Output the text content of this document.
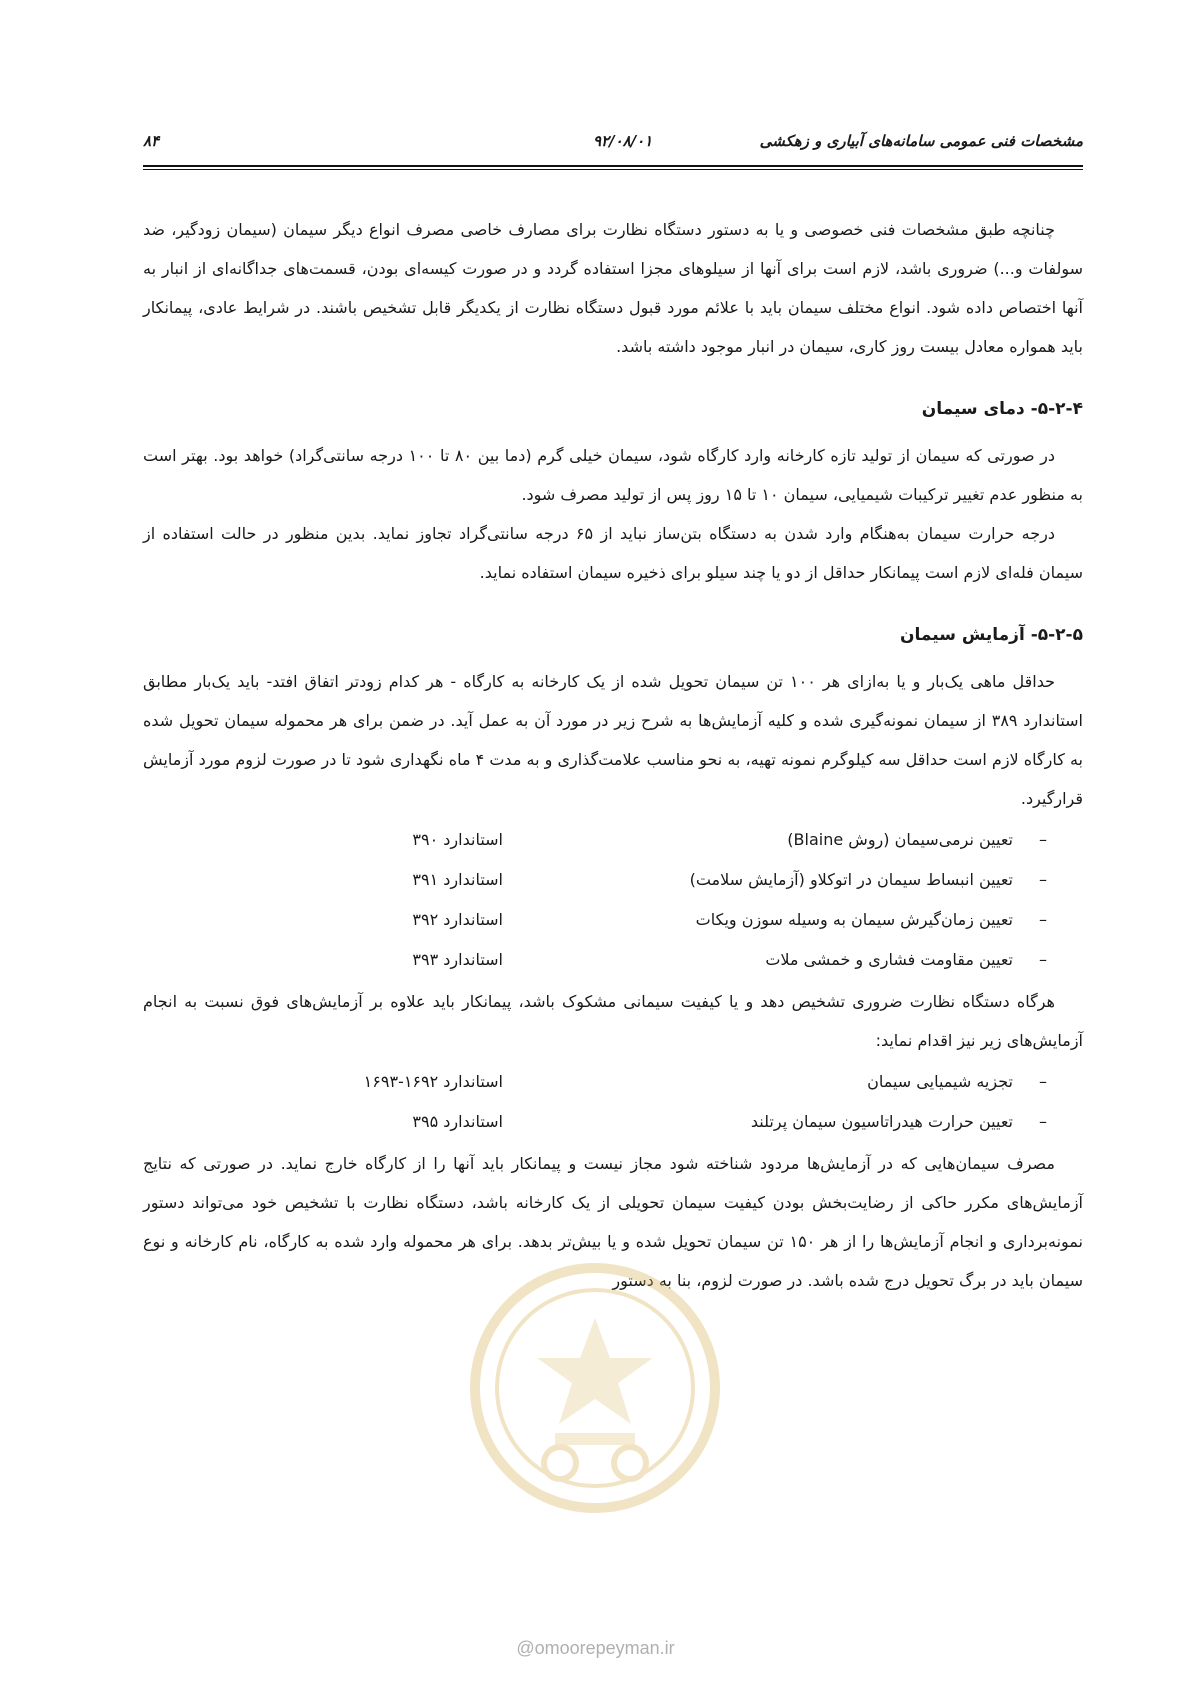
مشخصات فنی عمومی سامانه‌های آبیاری و زهکشی
۹۲/۰۸/۰۱
۸۴

چنانچه طبق مشخصات فنی خصوصی و یا به دستور دستگاه نظارت برای مصارف خاصی مصرف انواع دیگر سیمان (سیمان زودگیر، ضد سولفات و...) ضروری باشد، لازم است برای آنها از سیلوهای مجزا استفاده گردد و در صورت کیسه‌ای بودن، قسمت‌های جداگانه‌ای از انبار به آنها اختصاص داده شود. انواع مختلف سیمان باید با علائم مورد قبول دستگاه نظارت از یکدیگر قابل تشخیص باشند. در شرایط عادی، پیمانکار باید همواره معادل بیست روز کاری، سیمان در انبار موجود داشته باشد.

۵-۲-۴- دمای سیمان

در صورتی که سیمان از تولید تازه کارخانه وارد کارگاه شود، سیمان خیلی گرم (دما بین ۸۰ تا ۱۰۰ درجه سانتی‌گراد) خواهد بود. بهتر است به منظور عدم تغییر ترکیبات شیمیایی، سیمان ۱۰ تا ۱۵ روز پس از تولید مصرف شود.

درجه حرارت سیمان به‌هنگام وارد شدن به دستگاه بتن‌ساز نباید از ۶۵ درجه سانتی‌گراد تجاوز نماید. بدین منظور در حالت استفاده از سیمان فله‌ای لازم است پیمانکار حداقل از دو یا چند سیلو برای ذخیره سیمان استفاده نماید.

۵-۲-۵- آزمایش سیمان

حداقل ماهی یک‌بار و یا به‌ازای هر ۱۰۰ تن سیمان تحویل شده از یک کارخانه به کارگاه - هر کدام زودتر اتفاق افتد- باید یک‌بار مطابق استاندارد ۳۸۹ از سیمان نمونه‌گیری شده و کلیه آزمایش‌ها به شرح زیر در مورد آن به عمل آید. در ضمن برای هر محموله سیمان تحویل شده به کارگاه لازم است حداقل سه کیلوگرم نمونه تهیه، به نحو مناسب علامت‌گذاری و به مدت ۴ ماه نگهداری شود تا در صورت لزوم مورد آزمایش قرارگیرد.

–
تعیین نرمی‌سیمان (روش Blaine)
استاندارد ۳۹۰
–
تعیین انبساط سیمان در اتوکلاو (آزمایش سلامت)
استاندارد ۳۹۱
–
تعیین زمان‌گیرش سیمان به وسیله سوزن ویکات
استاندارد ۳۹۲
–
تعیین مقاومت فشاری و خمشی ملات
استاندارد ۳۹۳

هرگاه دستگاه نظارت ضروری تشخیص دهد و یا کیفیت سیمانی مشکوک باشد، پیمانکار باید علاوه بر آزمایش‌های فوق نسبت به انجام آزمایش‌های زیر نیز اقدام نماید:

–
تجزیه شیمیایی سیمان
استاندارد ۱۶۹۲-۱۶۹۳
–
تعیین حرارت هیدراتاسیون سیمان پرتلند
استاندارد ۳۹۵

مصرف سیمان‌هایی که در آزمایش‌ها مردود شناخته شود مجاز نیست و پیمانکار باید آنها را از کارگاه خارج نماید. در صورتی که نتایج آزمایش‌های مکرر حاکی از رضایت‌بخش بودن کیفیت سیمان تحویلی از یک کارخانه باشد، دستگاه نظارت با تشخیص خود می‌تواند دستور نمونه‌برداری و انجام آزمایش‌ها را از هر ۱۵۰ تن سیمان تحویل شده و یا بیش‌تر بدهد. برای هر محموله وارد شده به کارگاه، نام کارخانه و نوع سیمان باید در برگ تحویل درج شده باشد. در صورت لزوم، بنا به دستور

@omoorepeyman.ir
